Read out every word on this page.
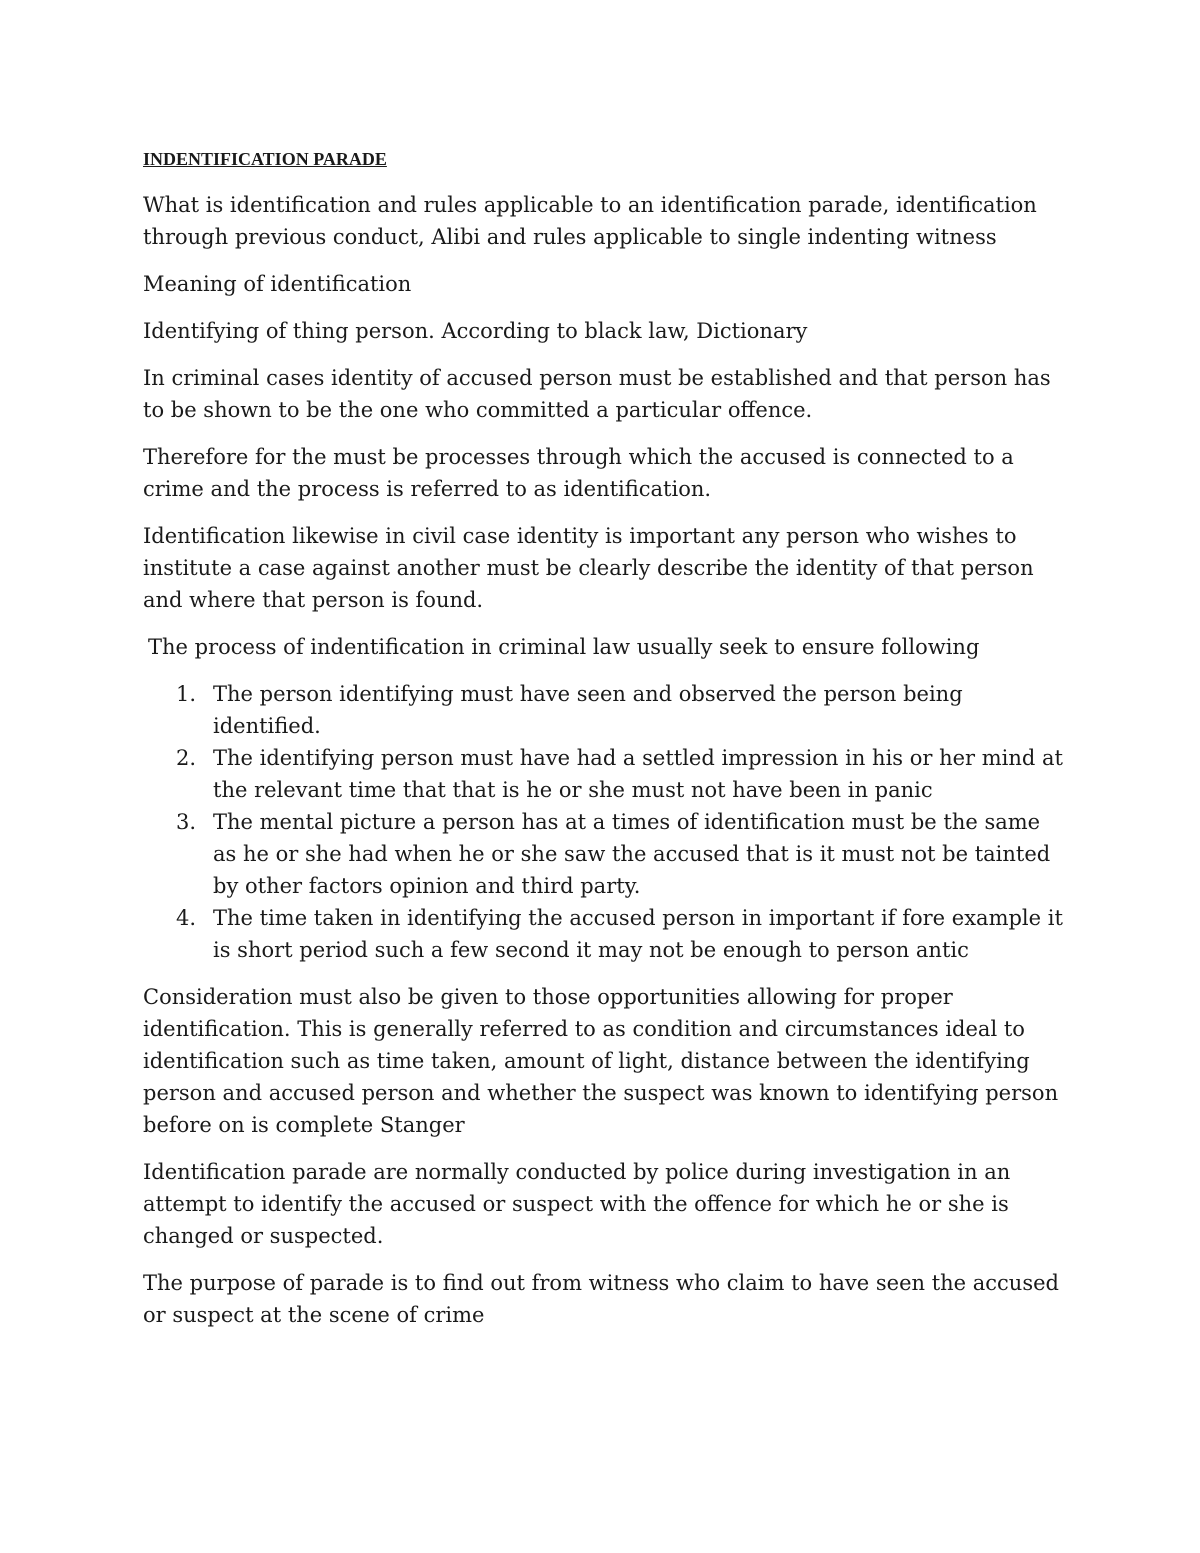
INDENTIFICATION PARADE

What is identification and rules applicable to an identification parade, identification through previous conduct, Alibi and rules applicable to single indenting witness

Meaning of identification

Identifying of thing person. According to black law, Dictionary

In criminal cases identity of accused person must be established and that person has to be shown to be the one who committed a particular offence.

Therefore for the must be processes through which the accused is connected to a crime and the process is referred to as identification.

Identification likewise in civil case identity is important any person who wishes to institute a case against another must be clearly describe the identity of that person and where that person is found.

The process of indentification in criminal law usually seek to ensure following

1. The person identifying must have seen and observed the person being identified.
2. The identifying person must have had a settled impression in his or her mind at the relevant time that that is he or she must not have been in panic
3. The mental picture a person has at a times of identification must be the same as he or she had when he or she saw the accused that is it must not be tainted by other factors opinion and third party.
4. The time taken in identifying the accused person in important if fore example it is short period such a few second it may not be enough to person antic

Consideration must also be given to those opportunities allowing for proper identification. This is generally referred to as condition and circumstances ideal to identification such as time taken, amount of light, distance between the identifying person and accused person and whether the suspect was known to identifying person before on is complete Stanger

Identification parade are normally conducted by police during investigation in an attempt to identify the accused or suspect with the offence for which he or she is changed or suspected.

The purpose of parade is to find out from witness who claim to have seen the accused or suspect at the scene of crime
